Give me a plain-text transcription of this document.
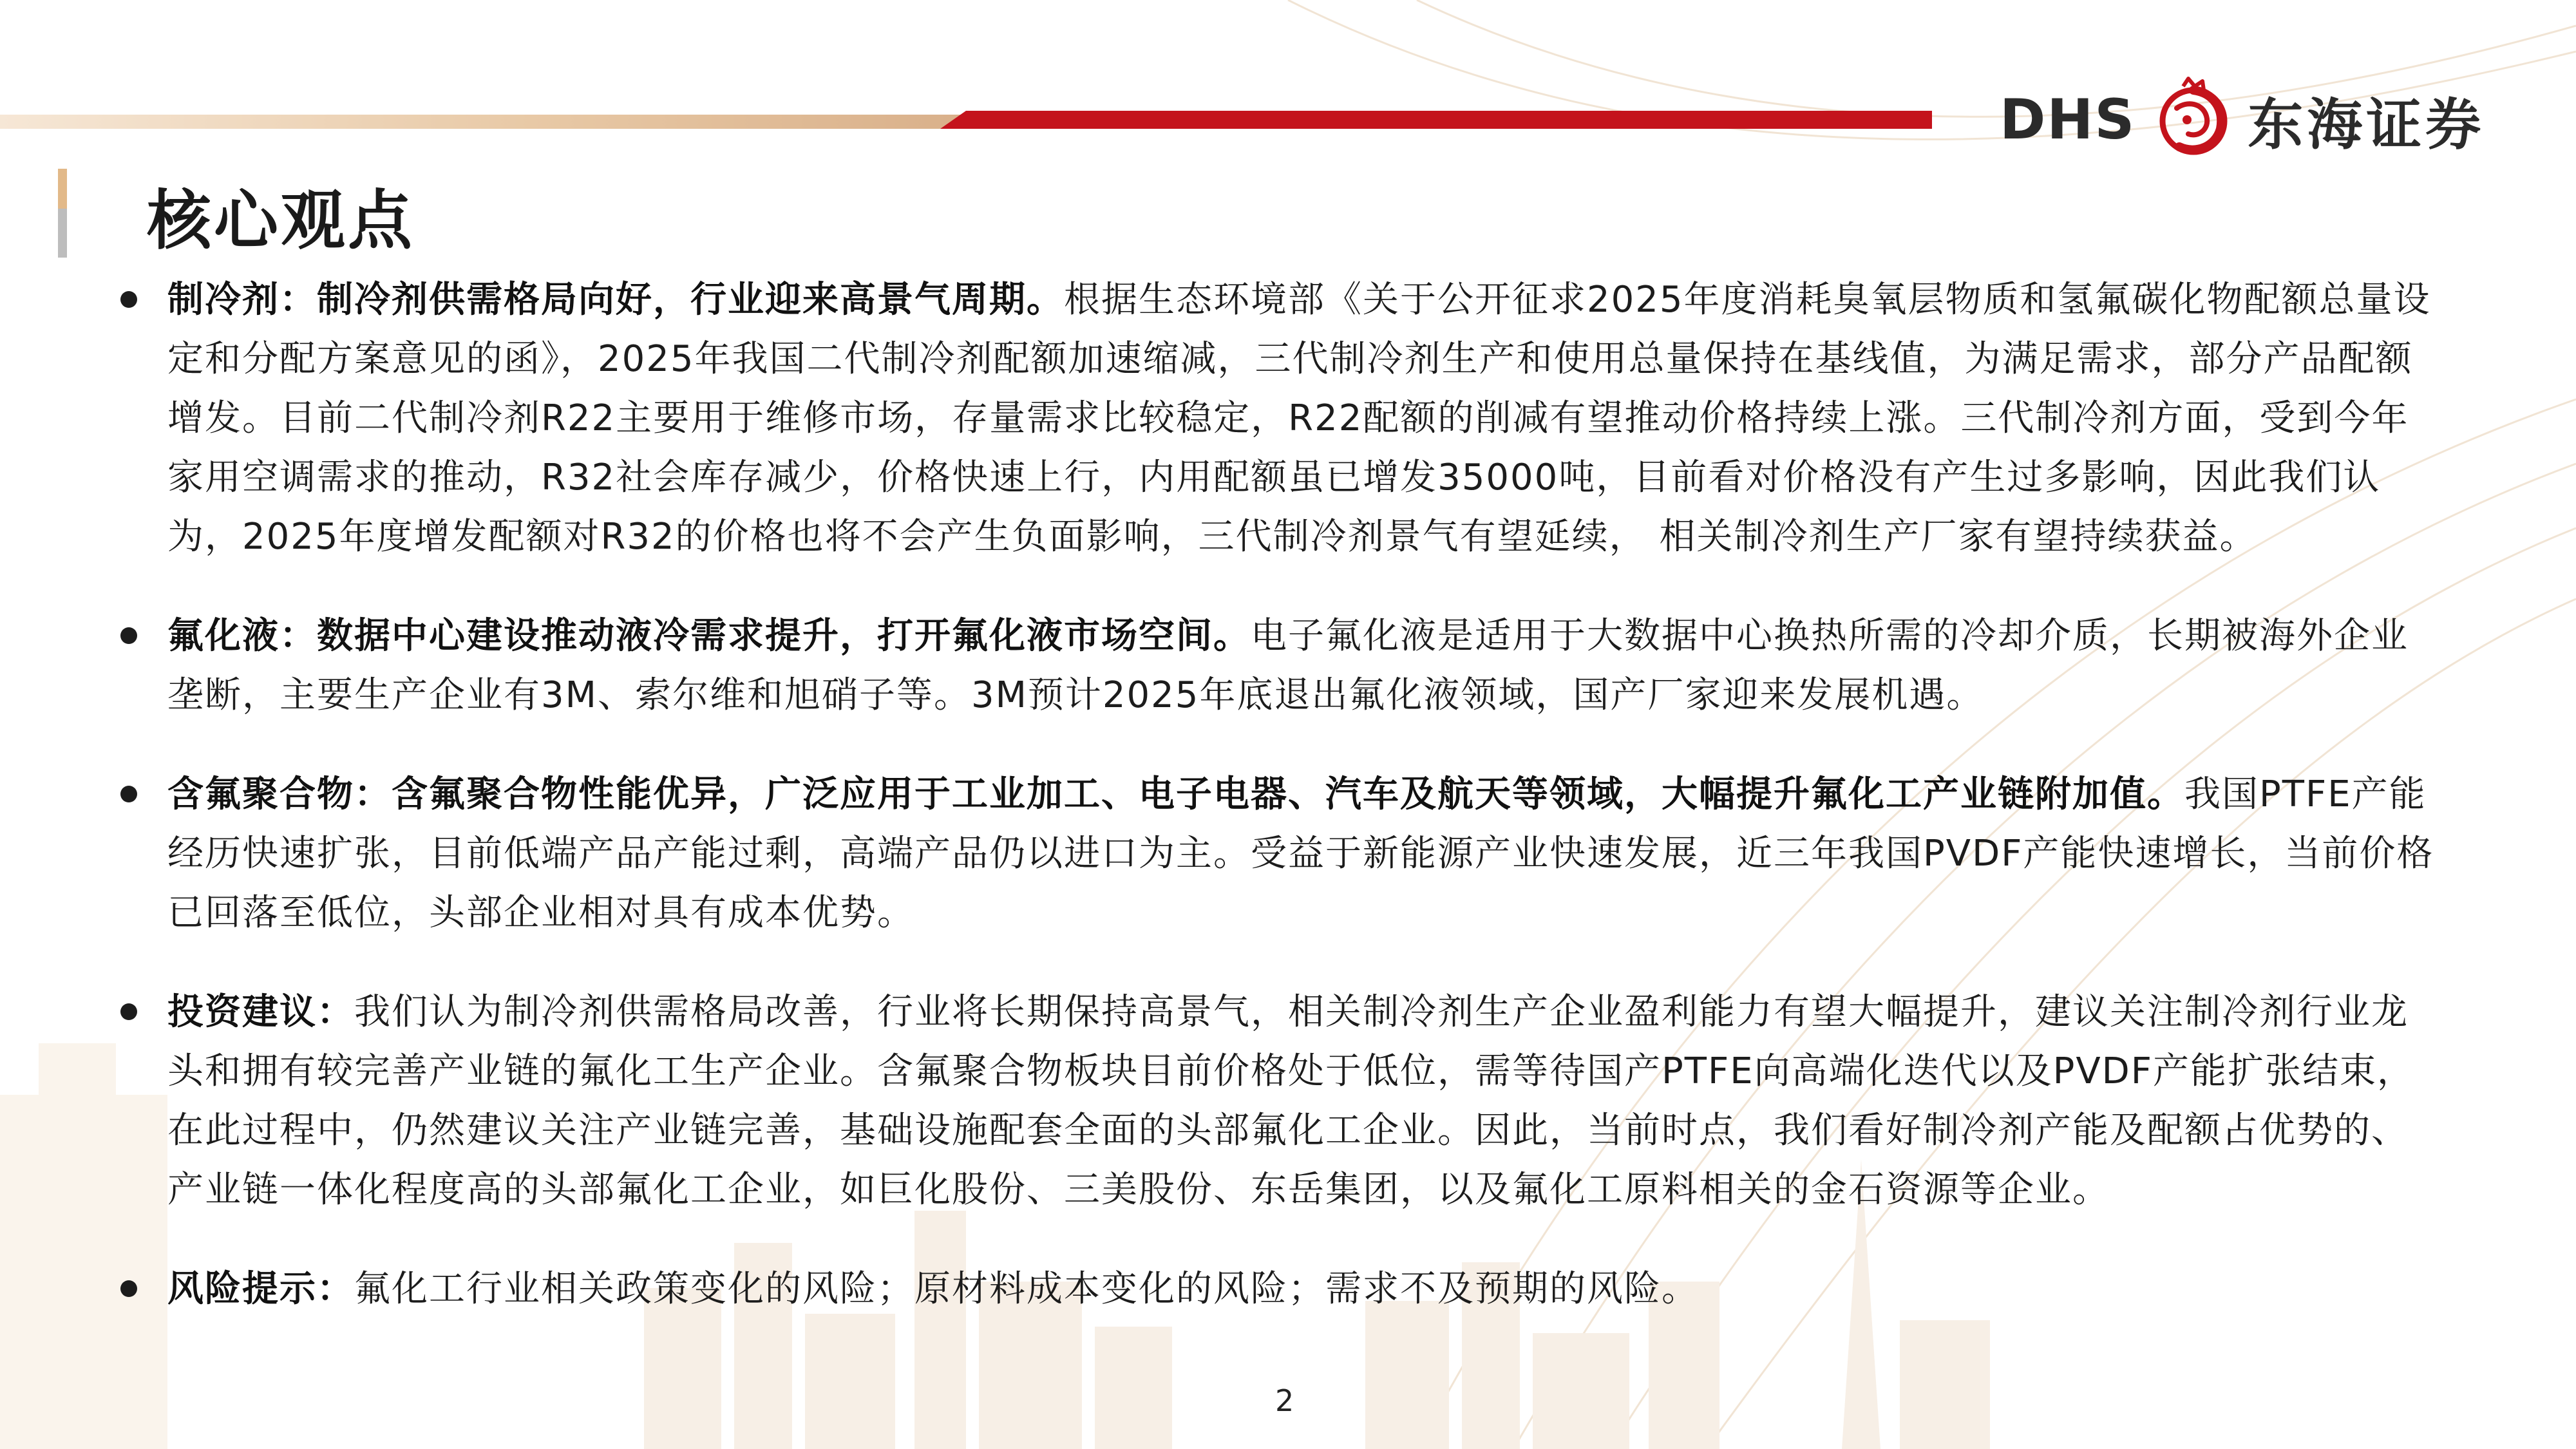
DHS 东海证券
核心观点

制冷剂：制冷剂供需格局向好，行业迎来高景气周期。根据生态环境部《关于公开征求2025年度消耗臭氧层物质和氢氟碳化物配额总量设定和分配方案意见的函》，2025年我国二代制冷剂配额加速缩减，三代制冷剂生产和使用总量保持在基线值，为满足需求，部分产品配额增发。目前二代制冷剂R22主要用于维修市场，存量需求比较稳定，R22配额的削减有望推动价格持续上涨。三代制冷剂方面，受到今年家用空调需求的推动，R32社会库存减少，价格快速上行，内用配额虽已增发35000吨，目前看对价格没有产生过多影响，因此我们认为，2025年度增发配额对R32的价格也将不会产生负面影响，三代制冷剂景气有望延续， 相关制冷剂生产厂家有望持续获益。

氟化液：数据中心建设推动液冷需求提升，打开氟化液市场空间。电子氟化液是适用于大数据中心换热所需的冷却介质，长期被海外企业垄断，主要生产企业有3M、索尔维和旭硝子等。3M预计2025年底退出氟化液领域，国产厂家迎来发展机遇。

含氟聚合物：含氟聚合物性能优异，广泛应用于工业加工、电子电器、汽车及航天等领域，大幅提升氟化工产业链附加值。我国PTFE产能经历快速扩张，目前低端产品产能过剩，高端产品仍以进口为主。受益于新能源产业快速发展，近三年我国PVDF产能快速增长，当前价格已回落至低位，头部企业相对具有成本优势。

投资建议：我们认为制冷剂供需格局改善，行业将长期保持高景气，相关制冷剂生产企业盈利能力有望大幅提升，建议关注制冷剂行业龙头和拥有较完善产业链的氟化工生产企业。含氟聚合物板块目前价格处于低位，需等待国产PTFE向高端化迭代以及PVDF产能扩张结束，在此过程中，仍然建议关注产业链完善，基础设施配套全面的头部氟化工企业。因此，当前时点，我们看好制冷剂产能及配额占优势的、产业链一体化程度高的头部氟化工企业，如巨化股份、三美股份、东岳集团，以及氟化工原料相关的金石资源等企业。

风险提示：氟化工行业相关政策变化的风险；原材料成本变化的风险；需求不及预期的风险。

2
